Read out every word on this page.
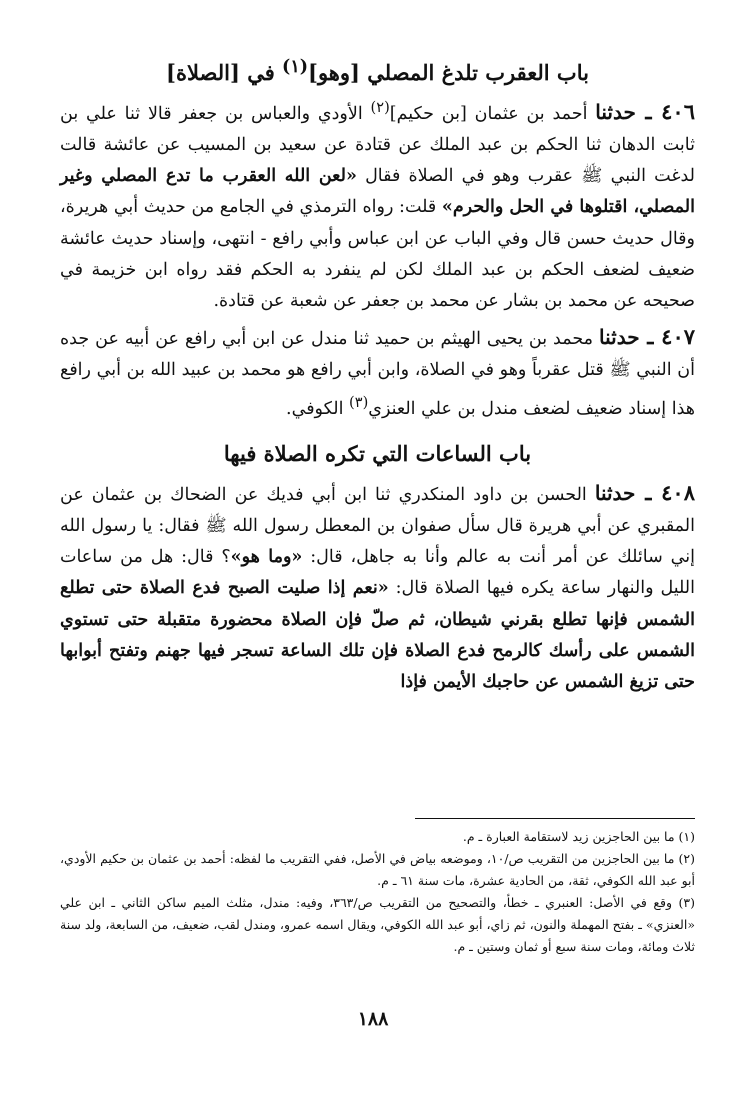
باب العقرب تلدغ المصلي [وهو]$^{(١)}$ في [الصلاة]

٤٠٦ ـ حدثنا أحمد بن عثمان [بن حكيم]$^{(٢)}$ الأودي والعباس بن جعفر قالا ثنا علي بن ثابت الدهان ثنا الحكم بن عبد الملك عن قتادة عن سعيد بن المسيب عن عائشة قالت لدغت النبي ﷺ عقرب وهو في الصلاة فقال «لعن الله العقرب ما تدع المصلي وغير المصلي، اقتلوها في الحل والحرم» قلت: رواه الترمذي في الجامع من حديث أبي هريرة، وقال حديث حسن قال وفي الباب عن ابن عباس وأبي رافع - انتهى، وإسناد حديث عائشة ضعيف لضعف الحكم بن عبد الملك لكن لم ينفرد به الحكم فقد رواه ابن خزيمة في صحيحه عن محمد بن بشار عن محمد بن جعفر عن شعبة عن قتادة.

٤٠٧ ـ حدثنا محمد بن يحيى الهيثم بن حميد ثنا مندل عن ابن أبي رافع عن أبيه عن جده أن النبي ﷺ قتل عقرباً وهو في الصلاة، وابن أبي رافع هو محمد بن عبيد الله بن أبي رافع هذا إسناد ضعيف لضعف مندل بن علي العنزي$^{(٣)}$ الكوفي.

باب الساعات التي تكره الصلاة فيها

٤٠٨ ـ حدثنا الحسن بن داود المنكدري ثنا ابن أبي فديك عن الضحاك بن عثمان عن المقبري عن أبي هريرة قال سأل صفوان بن المعطل رسول الله ﷺ فقال: يا رسول الله إني سائلك عن أمر أنت به عالم وأنا به جاهل، قال: «وما هو»؟ قال: هل من ساعات الليل والنهار ساعة يكره فيها الصلاة قال: «نعم إذا صليت الصبح فدع الصلاة حتى تطلع الشمس فإنها تطلع بقرني شيطان، ثم صلّ فإن الصلاة محضورة متقبلة حتى تستوي الشمس على رأسك كالرمح فدع الصلاة فإن تلك الساعة تسجر فيها جهنم وتفتح أبوابها حتى تزيغ الشمس عن حاجبك الأيمن فإذا

(١) ما بين الحاجزين زيد لاستقامة العبارة ـ م.

(٢) ما بين الحاجزين من التقريب ص/١٠، وموضعه بياض في الأصل، ففي التقريب ما لفظه: أحمد بن عثمان بن حكيم الأودي، أبو عبد الله الكوفي، ثقة، من الحادية عشرة، مات سنة ٦١ ـ م.

(٣) وقع في الأصل: العنبري ـ خطأ، والتصحيح من التقريب ص/٣٦٣، وفيه: مندل، مثلث الميم ساكن الثاني ـ ابن علي «العنزي» ـ بفتح المهملة والنون، ثم زاي، أبو عبد الله الكوفي، ويقال اسمه عمرو، ومندل لقب، ضعيف، من السابعة، ولد سنة ثلاث ومائة، ومات سنة سبع أو ثمان وستين ـ م.

١٨٨
